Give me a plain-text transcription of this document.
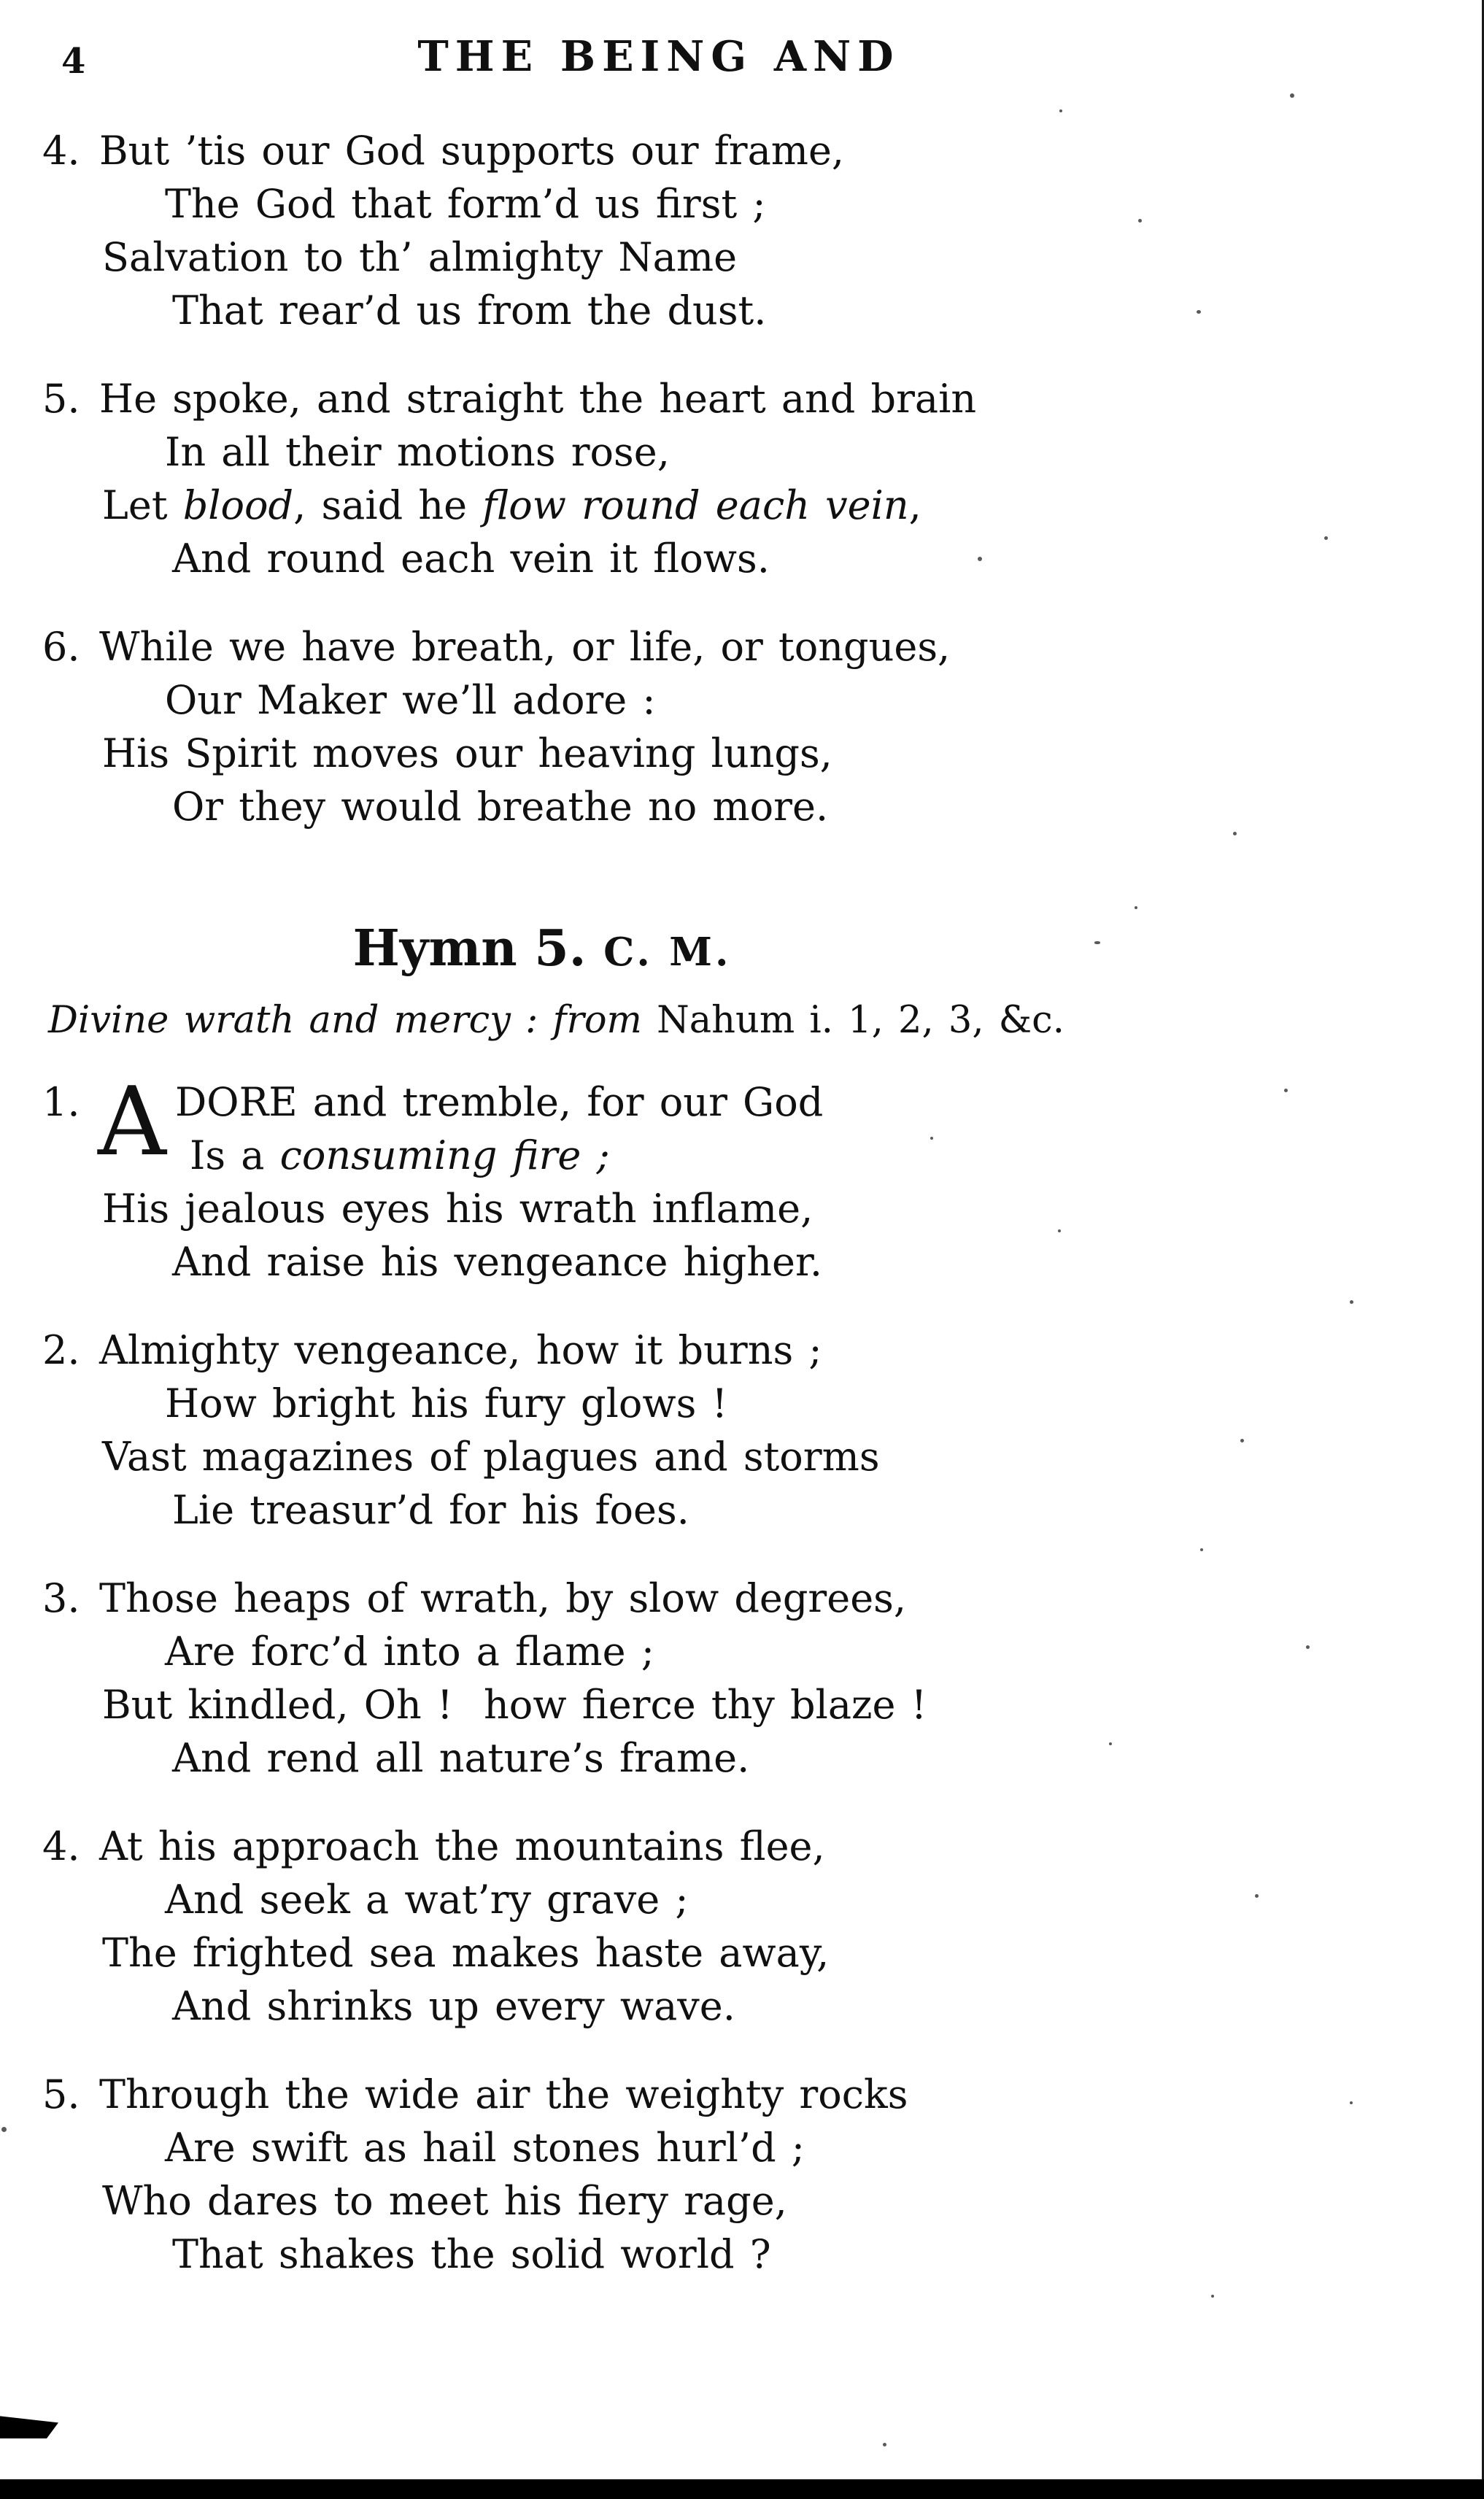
4	THE BEING AND
4. But ’tis our God supports our frame,
The God that form’d us first ;
Salvation to th’ almighty Name
That rear’d us from the dust.
5. He spoke, and straight the heart and brain
In all their motions rose,
Let blood, said he flow round each vein,
And round each vein it flows.
6. While we have breath, or life, or tongues,
Our Maker we’ll adore :
His Spirit moves our heaving lungs,
Or they would breathe no more.
Hymn 5. C. M.
Divine wrath and mercy : from Nahum i. 1, 2, 3, &c.
1. A DORE and tremble, for our God
Is a consuming fire ;
His jealous eyes his wrath inflame,
And raise his vengeance higher.
2. Almighty vengeance, how it burns ;
How bright his fury glows !
Vast magazines of plagues and storms
Lie treasur’d for his foes.
3. Those heaps of wrath, by slow degrees,
Are forc’d into a flame ;
But kindled, Oh !  how fierce thy blaze !
And rend all nature’s frame.
4. At his approach the mountains flee,
And seek a wat’ry grave ;
The frighted sea makes haste away,
And shrinks up every wave.
5. Through the wide air the weighty rocks
Are swift as hail stones hurl’d ;
Who dares to meet his fiery rage,
That shakes the solid world ?
